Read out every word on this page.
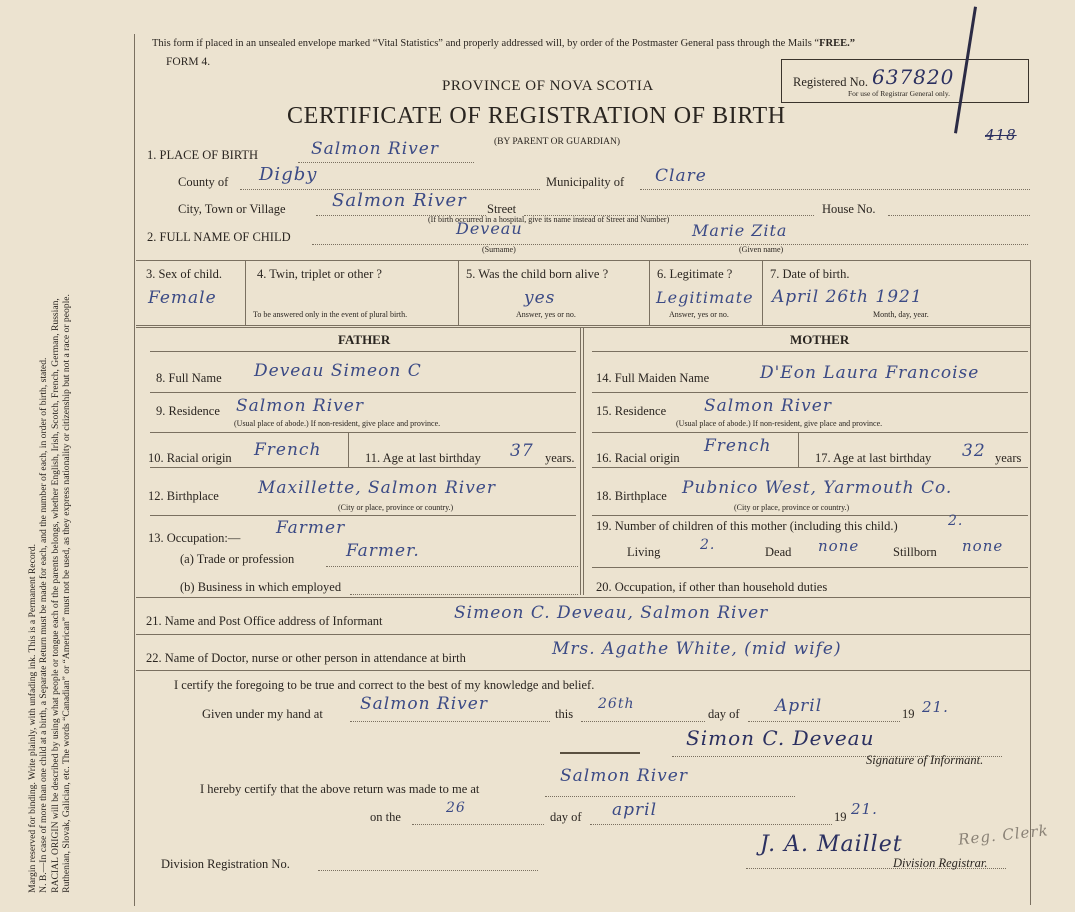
Margin reserved for binding. Write plainly, with unfading ink. This is a Permanent Record. N. B.—In case of more than one child at a birth, a Separate Return must be made for each, and the number of each, in order of birth, stated. RACIAL ORIGIN will be described by using what people or tongue each of the parents belongs, whether English, Irish, Scotch, French, German, Russian, Ruthenian, Slovak, Galician, etc. The words “Canadian” or “American” must not be used, as they express nationality or citizenship but not a race or people.
This form if placed in an unsealed envelope marked “Vital Statistics” and properly addressed will, by order of the Postmaster General pass through the Mails “FREE.”
FORM 4.
PROVINCE OF NOVA SCOTIA
CERTIFICATE OF REGISTRATION OF BIRTH
(BY PARENT OR GUARDIAN)
Registered No. 637820
For use of Registrar General only.
418
1. PLACE OF BIRTH	Salmon River
County of Digby	Municipality of Clare
City, Town or Village	Salmon River Street
(If birth occurred in a hospital, give its name instead of Street and Number)
House No.
2. FULL NAME OF CHILD	Deveau
(Surname)
Marie Zita
(Given name)
3. Sex of child.
Female
4. Twin, triplet or other ?
To be answered only in the event of plural birth.
5. Was the child born alive ?
yes
Answer, yes or no.
6. Legitimate ?
Legitimate
Answer, yes or no.
7. Date of birth.
April 26th 1921
Month, day, year.
FATHER	MOTHER
8. Full Name Deveau Simeon C
9. Residence Salmon River
(Usual place of abode.) If non-resident, give place and province.
10. Racial origin French	11. Age at last birthday 37 years.
12. Birthplace Maxillette, Salmon River
(City or place, province or country.)
13. Occupation:— Farmer
(a) Trade or profession	Farmer.
(b) Business in which employed
14. Full Maiden Name	D'Eon Laura Francoise
15. Residence Salmon River
(Usual place of abode.) If non-resident, give place and province.
16. Racial origin
French
17. Age at last birthday 32 years
18. Birthplace Pubnico West, Yarmouth Co.
(City or place, province or country.)
19. Number of children of this mother (including this child.)	2.
Living	2.	Dead none	Stillborn none
20. Occupation, if other than household duties
21. Name and Post Office address of Informant	Simeon C. Deveau, Salmon River
22. Name of Doctor, nurse or other person in attendance at birth	Mrs. Agathe White, (mid wife)
I certify the foregoing to be true and correct to the best of my knowledge and belief.
Given under my hand at Salmon River	this
26th
day of April	19 21.
Simon C. Deveau
Signature of Informant.
I hereby certify that the above return was made to me at
Salmon River
on the
26
day of april	19 21.
Division Registration No.
J. A. Maillet	Reg. Clerk
Division Registrar.
